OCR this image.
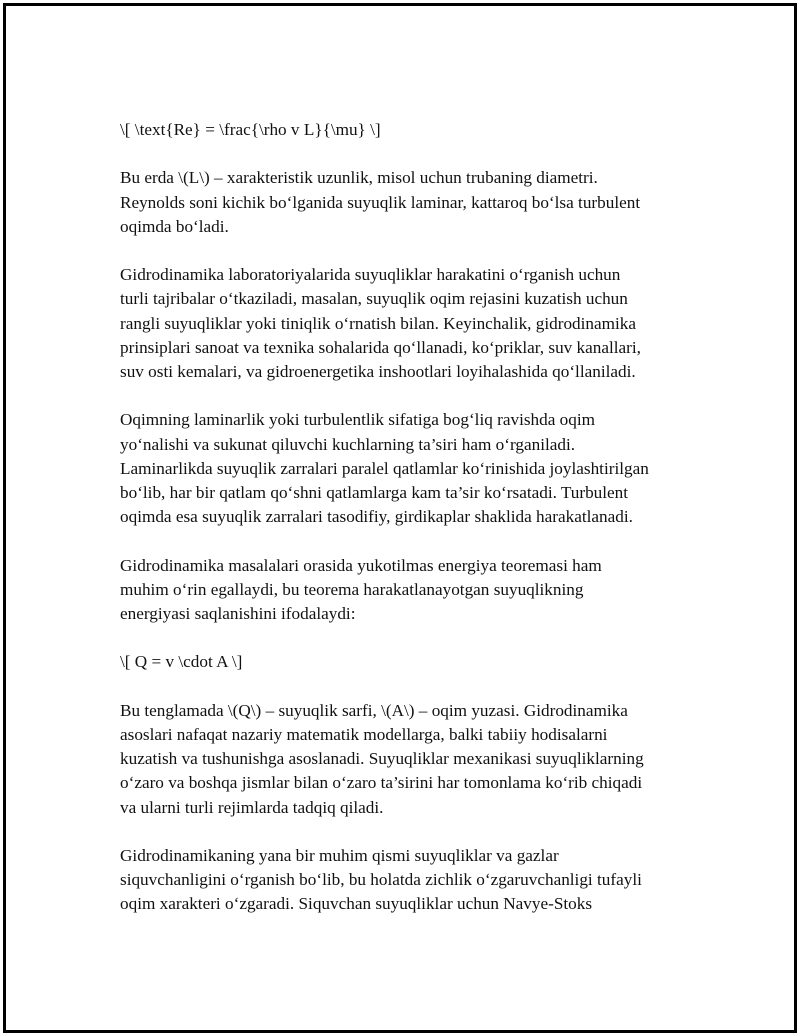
\[ \text{Re} = \frac{\rho v L}{\mu} \]

Bu erda \(L\) – xarakteristik uzunlik, misol uchun trubaning diametri.
Reynolds soni kichik bo‘lganida suyuqlik laminar, kattaroq bo‘lsa turbulent
oqimda bo‘ladi.

Gidrodinamika laboratoriyalarida suyuqliklar harakatini o‘rganish uchun
turli tajribalar o‘tkaziladi, masalan, suyuqlik oqim rejasini kuzatish uchun
rangli suyuqliklar yoki tiniqlik o‘rnatish bilan. Keyinchalik, gidrodinamika
prinsiplari sanoat va texnika sohalarida qo‘llanadi, ko‘priklar, suv kanallari,
suv osti kemalari, va gidroenergetika inshootlari loyihalashida qo‘llaniladi.

Oqimning laminarlik yoki turbulentlik sifatiga bog‘liq ravishda oqim
yo‘nalishi va sukunat qiluvchi kuchlarning ta’siri ham o‘rganiladi.
Laminarlikda suyuqlik zarralari paralel qatlamlar ko‘rinishida joylashtirilgan
bo‘lib, har bir qatlam qo‘shni qatlamlarga kam ta’sir ko‘rsatadi. Turbulent
oqimda esa suyuqlik zarralari tasodifiy, girdikaplar shaklida harakatlanadi.

Gidrodinamika masalalari orasida yukotilmas energiya teoremasi ham
muhim o‘rin egallaydi, bu teorema harakatlanayotgan suyuqlikning
energiyasi saqlanishini ifodalaydi:

\[ Q = v \cdot A \]

Bu tenglamada \(Q\) – suyuqlik sarfi, \(A\) – oqim yuzasi. Gidrodinamika
asoslari nafaqat nazariy matematik modellarga, balki tabiiy hodisalarni
kuzatish va tushunishga asoslanadi. Suyuqliklar mexanikasi suyuqliklarning
o‘zaro va boshqa jismlar bilan o‘zaro ta’sirini har tomonlama ko‘rib chiqadi
va ularni turli rejimlarda tadqiq qiladi.

Gidrodinamikaning yana bir muhim qismi suyuqliklar va gazlar
siquvchanligini o‘rganish bo‘lib, bu holatda zichlik o‘zgaruvchanligi tufayli
oqim xarakteri o‘zgaradi. Siquvchan suyuqliklar uchun Navye-Stoks
